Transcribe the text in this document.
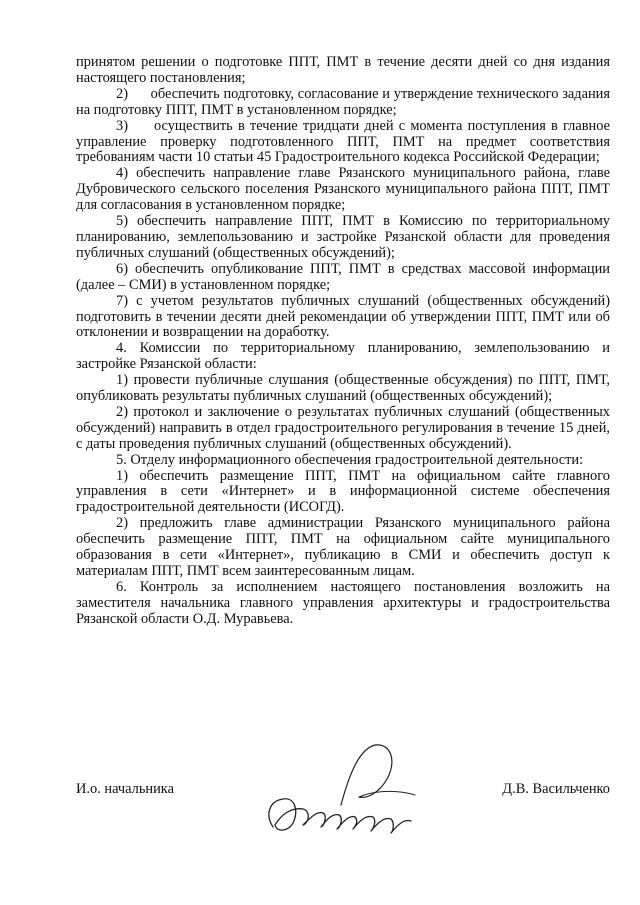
принятом решении о подготовке ППТ, ПМТ в течение десяти дней со дня издания настоящего постановления;

2)      обеспечить подготовку, согласование и утверждение технического задания на подготовку ППТ, ПМТ в установленном порядке;

3)     осуществить в течение тридцати дней с момента поступления в главное управление проверку подготовленного ППТ, ПМТ на предмет соответствия требованиям части 10 статьи 45 Градостроительного кодекса Российской Федерации;

4) обеспечить направление главе Рязанского муниципального района, главе Дубровического сельского поселения Рязанского муниципального района ППТ, ПМТ для согласования в установленном порядке;

5) обеспечить направление ППТ, ПМТ в Комиссию по территориальному планированию, землепользованию и застройке Рязанской области для проведения публичных слушаний (общественных обсуждений);

6) обеспечить опубликование ППТ, ПМТ в средствах массовой информации (далее – СМИ) в установленном порядке;

7) с учетом результатов публичных слушаний (общественных обсуждений) подготовить в течении десяти дней рекомендации об утверждении ППТ, ПМТ или об отклонении и возвращении на доработку.

4. Комиссии по территориальному планированию, землепользованию и застройке Рязанской области:

1) провести публичные слушания (общественные обсуждения) по ППТ, ПМТ, опубликовать результаты публичных слушаний (общественных обсуждений);

2) протокол и заключение о результатах публичных слушаний (общественных обсуждений) направить в отдел градостроительного регулирования в течение 15 дней, с даты проведения публичных слушаний (общественных обсуждений).

5. Отделу информационного обеспечения градостроительной деятельности:

1) обеспечить размещение ППТ, ПМТ на официальном сайте главного управления в сети «Интернет» и в информационной системе обеспечения градостроительной деятельности (ИСОГД).

2) предложить главе администрации Рязанского муниципального района обеспечить размещение ППТ, ПМТ на официальном сайте муниципального образования в сети «Интернет», публикацию в СМИ и обеспечить доступ к материалам ППТ, ПМТ всем заинтересованным лицам.

6. Контроль за исполнением настоящего постановления возложить на заместителя начальника главного управления архитектуры и градостроительства Рязанской области О.Д. Муравьева.

И.о. начальника	Д.В. Васильченко
